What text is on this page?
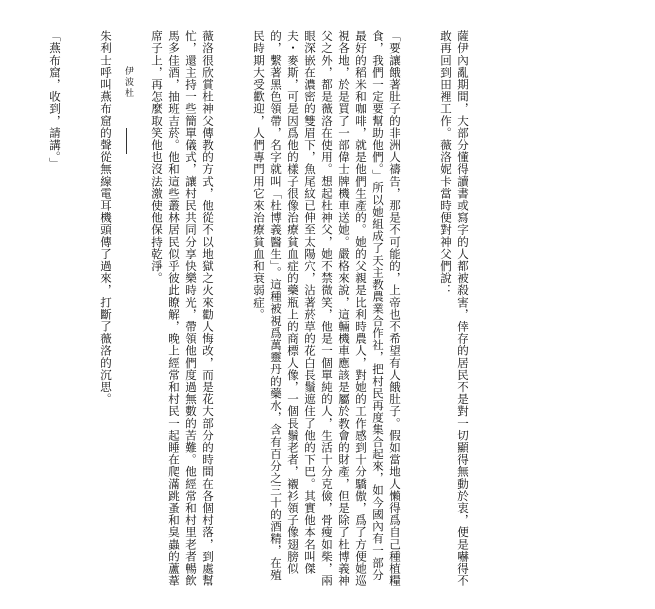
伊波杜

	薩伊內亂期間，大部分懂得讀書或寫字的人都被殺害，倖存的居民不是對一切顯得無動於衷，便是嚇得不敢再回到田裡工作。薇洛妮卡當時便對神父們說：

「要讓餓著肚子的非洲人禱告，那是不可能的，上帝也不希望有人餓肚子。假如當地人懶得爲自己種植糧食，我們一定要幫助他們。」所以她組成了天主教農業合作社，把村民再度集合起來，如今國內有一部分最好的稻米和咖啡，就是他們生產的。她的父親是比利時農人，對她的工作感到十分驕傲，爲了方便她巡視各地，於是買了一部偉士牌機車送她。嚴格來說，這輛機車應該是屬於教會的財產，但是除了杜博義神父之外，都是薇洛在使用。想起杜神父，她不禁微笑，他是一個單純的人，生活十分克儉，骨瘦如柴，兩眼深嵌在濃密的雙眉下，魚尾紋已伸至太陽穴，沾著菸草的花白長鬚遮住了他的下巴。其實他本名叫傑夫・麥斯，可是因爲他的樣子很像治療貧血症的藥瓶上的商標人像，一個長鬚老者，襯衫領子像翅膀似的，繫著黑色領帶，名字就叫「杜博義醫生」。這種被視爲萬靈丹的藥水，含有百分之三十的酒精，在殖民時期大受歡迎，人們專門用它來治療貧血和衰弱症。

薇洛很欣賞杜神父傳教的方式，他從不以地獄之火來勸人悔改，而是花大部分的時間在各個村落，到處幫忙，還主持一些簡單儀式，讓村民共同分享快樂時光，帶領他們度過無數的苦難。他經常和村里老者暢飲馬多佳酒，抽班吉菸。他和這些叢林居民似乎彼此瞭解，晚上經常和村民一起睡在爬滿跳蚤和臭蟲的蘆葦席子上，再怎麼取笑他也沒法激使他保持乾淨。

朱利士呼叫燕布窟的聲從無線電耳機頭傳了過來，打斷了薇洛的沉思。

「燕布窟，收到，請講。」
